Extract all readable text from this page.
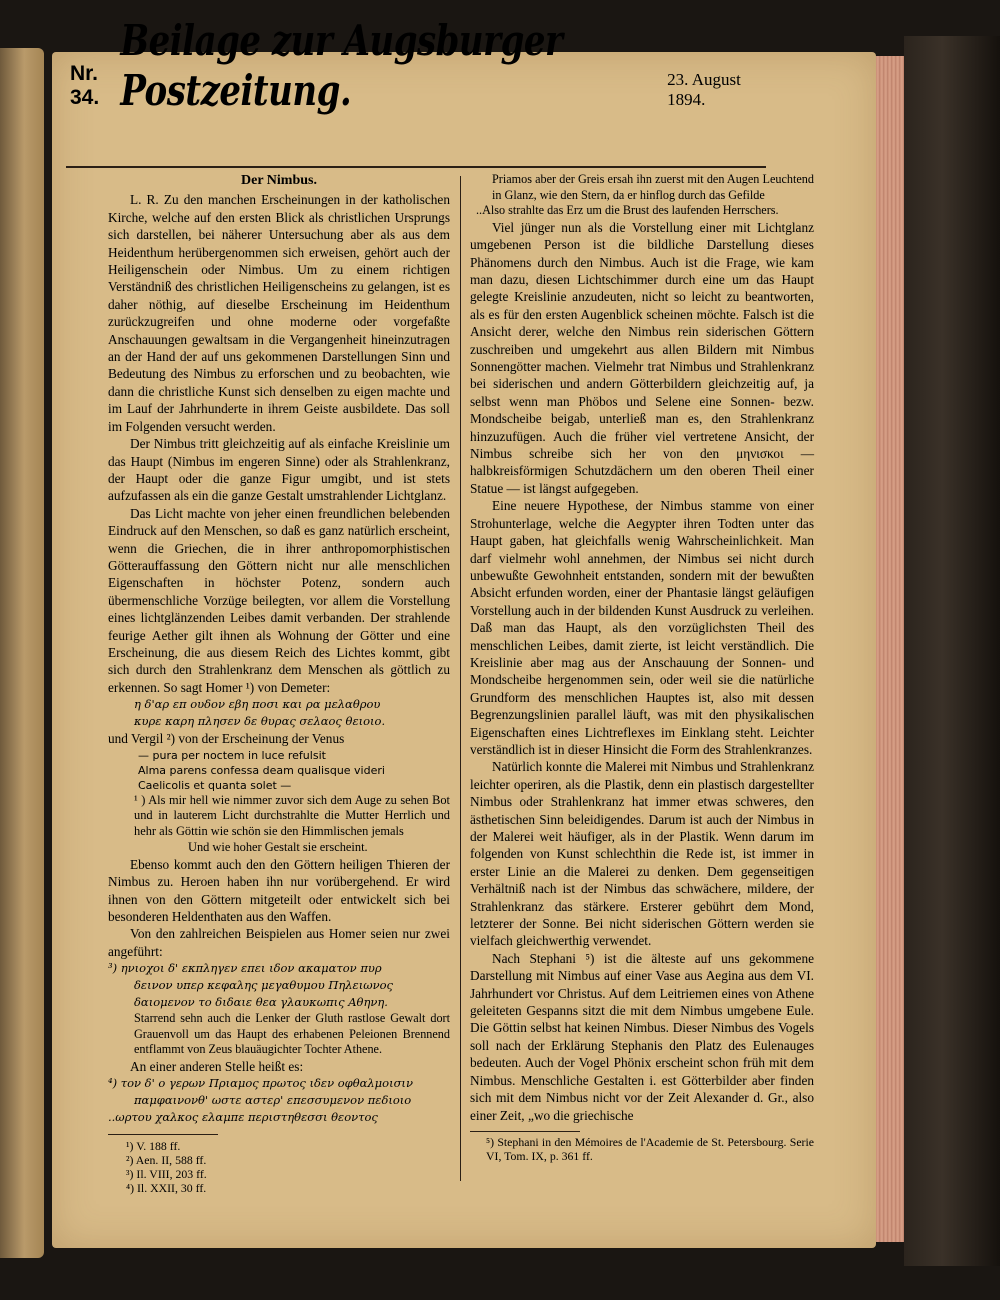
Nr. 34.
Beilage zur Augsburger Postzeitung.	23. August 1894.

Der Nimbus.

L. R. Zu den manchen Erscheinungen in der katholischen Kirche, welche auf den ersten Blick als christlichen Ursprungs sich darstellen, bei näherer Untersuchung aber als aus dem Heidenthum herübergenommen sich erweisen, gehört auch der Heiligenschein oder Nimbus. Um zu einem richtigen Verständniß des christlichen Heiligenscheins zu gelangen, ist es daher nöthig, auf dieselbe Erscheinung im Heidenthum zurückzugreifen und ohne moderne oder vorgefaßte Anschauungen gewaltsam in die Vergangenheit hineinzutragen an der Hand der auf uns gekommenen Darstellungen Sinn und Bedeutung des Nimbus zu erforschen und zu beobachten, wie dann die christliche Kunst sich denselben zu eigen machte und im Lauf der Jahrhunderte in ihrem Geiste ausbildete. Das soll im Folgenden versucht werden.

Der Nimbus tritt gleichzeitig auf als einfache Kreislinie um das Haupt (Nimbus im engeren Sinne) oder als Strahlenkranz, der Haupt oder die ganze Figur umgibt, und ist stets aufzufassen als ein die ganze Gestalt umstrahlender Lichtglanz.

Das Licht machte von jeher einen freundlichen belebenden Eindruck auf den Menschen, so daß es ganz natürlich erscheint, wenn die Griechen, die in ihrer anthropomorphistischen Götterauffassung den Göttern nicht nur alle menschlichen Eigenschaften in höchster Potenz, sondern auch übermenschliche Vorzüge beilegten, vor allem die Vorstellung eines lichtglänzenden Leibes damit verbanden. Der strahlende feurige Aether gilt ihnen als Wohnung der Götter und eine Erscheinung, die aus diesem Reich des Lichtes kommt, gibt sich durch den Strahlenkranz dem Menschen als göttlich zu erkennen. So sagt Homer ¹) von Demeter:

η δ'αρ επ ουδον εβη ποσι και ρα μελαθρου

κυρε καρη πλησεν δε θυρας σελαος θειοιο.

und Vergil ²) von der Erscheinung der Venus

— pura per noctem in luce refulsit

Alma parens confessa deam qualisque videri

Caelicolis et quanta solet —

¹ ) Als mir hell wie nimmer zuvor sich dem Auge zu sehen Bot und in lauterem Licht durchstrahlte die Mutter Herrlich und hehr als Göttin wie schön sie den Himmlischen jemals

Und wie hoher Gestalt sie erscheint.

Ebenso kommt auch den den Göttern heiligen Thieren der Nimbus zu. Heroen haben ihn nur vorübergehend. Er wird ihnen von den Göttern mitgeteilt oder entwickelt sich bei besonderen Heldenthaten aus den Waffen.

Von den zahlreichen Beispielen aus Homer seien nur zwei angeführt:

³) ηνιοχοι δ' εκπληγεν επει ιδον ακαματον πυρ

δεινον υπερ κεφαλης μεγαθυμου Πηλειωνος

δαιομενον το διδαιε θεα γλαυκωπις Αθηνη.

Starrend sehn auch die Lenker der Gluth rastlose Gewalt dort Grauenvoll um das Haupt des erhabenen Peleionen Brennend entflammt von Zeus blauäugichter Tochter Athene.

An einer anderen Stelle heißt es:

⁴) τον δ' ο γερων Πριαμος πρωτος ιδεν οφθαλμοισιν

παμφαινονθ' ωστε αστερ' επεσσυμενον πεδιοιο

..ωρτου χαλκος ελαμπε περιστηθεσσι θεοντος

¹) V. 188 ff.

²) Aen. II, 588 ff.

³) Il. VIII, 203 ff.

⁴) Il. XXII, 30 ff.

Priamos aber der Greis ersah ihn zuerst mit den Augen Leuchtend in Glanz, wie den Stern, da er hinflog durch das Gefilde

..Also strahlte das Erz um die Brust des laufenden Herrschers.

Viel jünger nun als die Vorstellung einer mit Lichtglanz umgebenen Person ist die bildliche Darstellung dieses Phänomens durch den Nimbus. Auch ist die Frage, wie kam man dazu, diesen Lichtschimmer durch eine um das Haupt gelegte Kreislinie anzudeuten, nicht so leicht zu beantworten, als es für den ersten Augenblick scheinen möchte. Falsch ist die Ansicht derer, welche den Nimbus rein siderischen Göttern zuschreiben und umgekehrt aus allen Bildern mit Nimbus Sonnengötter machen. Vielmehr trat Nimbus und Strahlenkranz bei siderischen und andern Götterbildern gleichzeitig auf, ja selbst wenn man Phöbos und Selene eine Sonnen- bezw. Mondscheibe beigab, unterließ man es, den Strahlenkranz hinzuzufügen. Auch die früher viel vertretene Ansicht, der Nimbus schreibe sich her von den μηνισκοι — halbkreisförmigen Schutzdächern um den oberen Theil einer Statue — ist längst aufgegeben.

Eine neuere Hypothese, der Nimbus stamme von einer Strohunterlage, welche die Aegypter ihren Todten unter das Haupt gaben, hat gleichfalls wenig Wahrscheinlichkeit. Man darf vielmehr wohl annehmen, der Nimbus sei nicht durch unbewußte Gewohnheit entstanden, sondern mit der bewußten Absicht erfunden worden, einer der Phantasie längst geläufigen Vorstellung auch in der bildenden Kunst Ausdruck zu verleihen. Daß man das Haupt, als den vorzüglichsten Theil des menschlichen Leibes, damit zierte, ist leicht verständlich. Die Kreislinie aber mag aus der Anschauung der Sonnen- und Mondscheibe hergenommen sein, oder weil sie die natürliche Grundform des menschlichen Hauptes ist, also mit dessen Begrenzungslinien parallel läuft, was mit den physikalischen Eigenschaften eines Lichtreflexes im Einklang steht. Leichter verständlich ist in dieser Hinsicht die Form des Strahlenkranzes.

Natürlich konnte die Malerei mit Nimbus und Strahlenkranz leichter operiren, als die Plastik, denn ein plastisch dargestellter Nimbus oder Strahlenkranz hat immer etwas schweres, den ästhetischen Sinn beleidigendes. Darum ist auch der Nimbus in der Malerei weit häufiger, als in der Plastik. Wenn darum im folgenden von Kunst schlechthin die Rede ist, ist immer in erster Linie an die Malerei zu denken. Dem gegenseitigen Verhältniß nach ist der Nimbus das schwächere, mildere, der Strahlenkranz das stärkere. Ersterer gebührt dem Mond, letzterer der Sonne. Bei nicht siderischen Göttern werden sie vielfach gleichwerthig verwendet.

Nach Stephani ⁵) ist die älteste auf uns gekommene Darstellung mit Nimbus auf einer Vase aus Aegina aus dem VI. Jahrhundert vor Christus. Auf dem Leitriemen eines von Athene geleiteten Gespanns sitzt die mit dem Nimbus umgebene Eule. Die Göttin selbst hat keinen Nimbus. Dieser Nimbus des Vogels soll nach der Erklärung Stephanis den Platz des Eulenauges bedeuten. Auch der Vogel Phönix erscheint schon früh mit dem Nimbus. Menschliche Gestalten i. est Götterbilder aber finden sich mit dem Nimbus nicht vor der Zeit Alexander d. Gr., also einer Zeit, „wo die griechische

⁵) Stephani in den Mémoires de l'Academie de St. Petersbourg. Serie VI, Tom. IX, p. 361 ff.
